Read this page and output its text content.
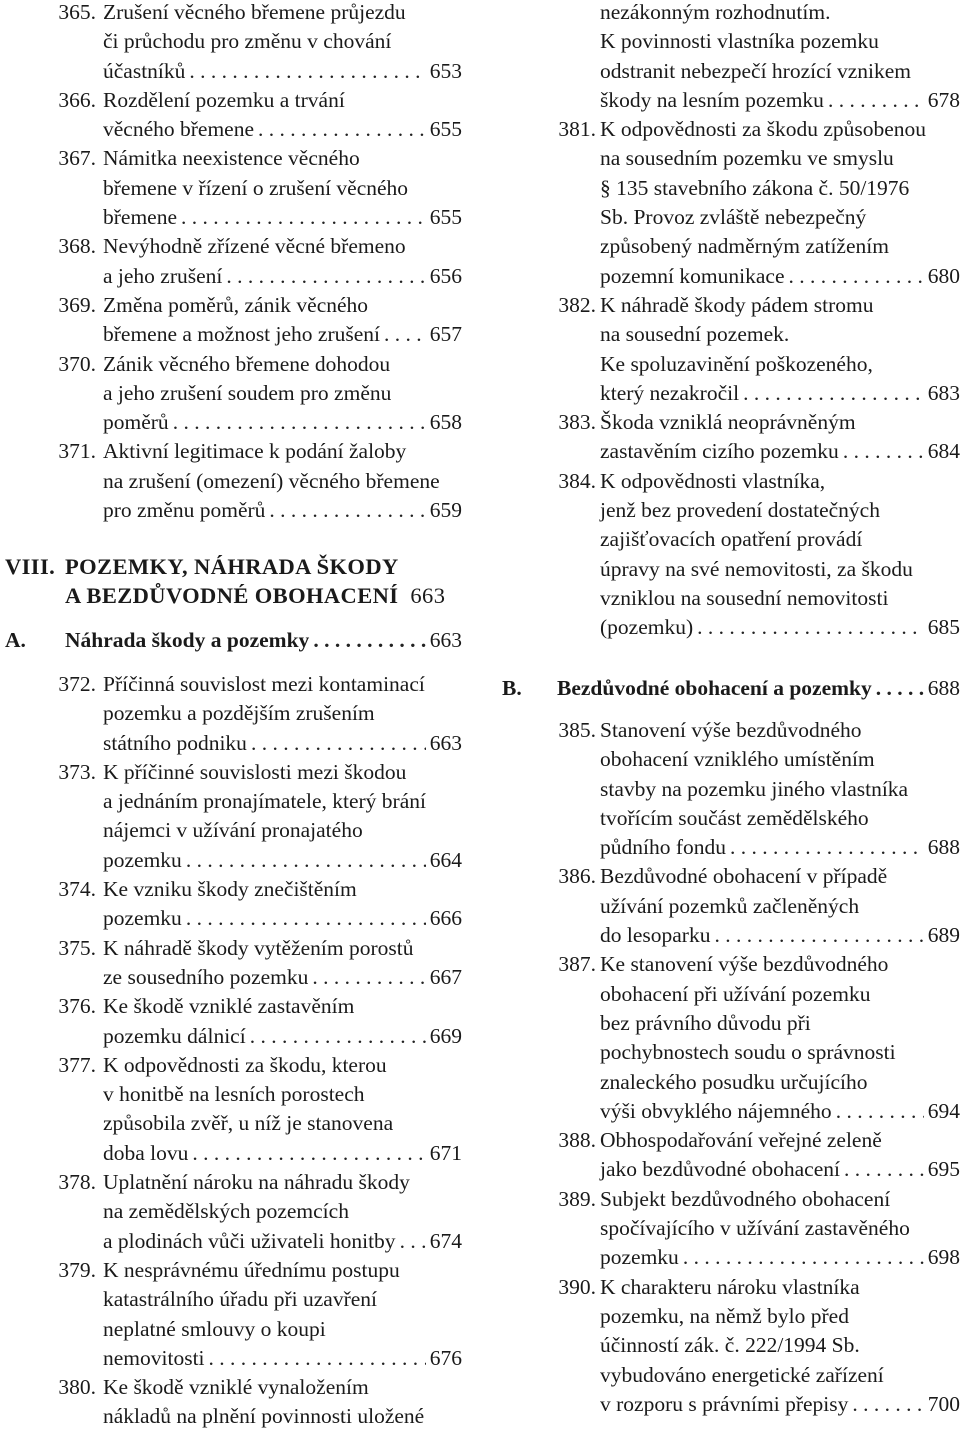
365. Zrušení věcného břemene průjezdu
či průchodu pro změnu v chování
účastníků . . .	653
366. Rozdělení pozemku a trvání
věcného břemene . . .	655
367. Námitka neexistence věcného
břemene v řízení o zrušení věcného
břemene . . .	655
368. Nevýhodně zřízené věcné břemeno
a jeho zrušení . . .	656
369. Změna poměrů, zánik věcného
břemene a možnost jeho zrušení . . . 657
370. Zánik věcného břemene dohodou
a jeho zrušení soudem pro změnu
poměrů . . .	658
371. Aktivní legitimace k podání žaloby
na zrušení (omezení) věcného břemene
pro změnu poměrů . . .	659
VIII. POZEMKY, NÁHRADA ŠKODY
A BEZDŮVODNÉ OBOHACENÍ 663
A. Náhrada škody a pozemky . . .	663
372. Příčinná souvislost mezi kontaminací
pozemku a pozdějším zrušením
státního podniku . . .	663
373. K příčinné souvislosti mezi škodou
a jednáním pronajímatele, který brání
nájemci v užívání pronajatého
pozemku . . .	664
374. Ke vzniku škody znečištěním
pozemku . . .	666
375. K náhradě škody vytěžením porostů
ze sousedního pozemku . . .	667
376. Ke škodě vzniklé zastavěním
pozemku dálnicí . . .	669
377. K odpovědnosti za škodu, kterou
v honitbě na lesních porostech
způsobila zvěř, u níž je stanovena
doba lovu . . .	671
378. Uplatnění nároku na náhradu škody
na zemědělských pozemcích
a plodinách vůči uživateli honitby . . . 674
379. K nesprávnému úřednímu postupu
katastrálního úřadu při uzavření
neplatné smlouvy o koupi
nemovitosti . . .	676
380. Ke škodě vzniklé vynaložením
nákladů na plnění povinnosti uložené
nezákonným rozhodnutím.
K povinnosti vlastníka pozemku
odstranit nebezpečí hrozící vznikem
škody na lesním pozemku . . .	678
381. K odpovědnosti za škodu způsobenou
na sousedním pozemku ve smyslu
§ 135 stavebního zákona č. 50/1976
Sb. Provoz zvláště nebezpečný
způsobený nadměrným zatížením
pozemní komunikace . . .	680
382. K náhradě škody pádem stromu
na sousední pozemek.
Ke spoluzavinění poškozeného,
který nezakročil . . .	683
383. Škoda vzniklá neoprávněným
zastavěním cizího pozemku . . .	684
384. K odpovědnosti vlastníka,
jenž bez provedení dostatečných
zajišťovacích opatření provádí
úpravy na své nemovitosti, za škodu
vzniklou na sousední nemovitosti
(pozemku) . . .	685
B. Bezdůvodné obohacení a pozemky . . .	688
385. Stanovení výše bezdůvodného
obohacení vzniklého umístěním
stavby na pozemku jiného vlastníka
tvořícím součást zemědělského
půdního fondu . . .	688
386. Bezdůvodné obohacení v případě
užívání pozemků začleněných
do lesoparku . . .	689
387. Ke stanovení výše bezdůvodného
obohacení při užívání pozemku
bez právního důvodu při
pochybnostech soudu o správnosti
znaleckého posudku určujícího
výši obvyklého nájemného . . .	694
388. Obhospodařování veřejné zeleně
jako bezdůvodné obohacení . . .	695
389. Subjekt bezdůvodného obohacení
spočívajícího v užívání zastavěného
pozemku . . .	698
390. K charakteru nároku vlastníka
pozemku, na němž bylo před
účinností zák. č. 222/1994 Sb.
vybudováno energetické zařízení
v rozporu s právními přepisy . . .	700
